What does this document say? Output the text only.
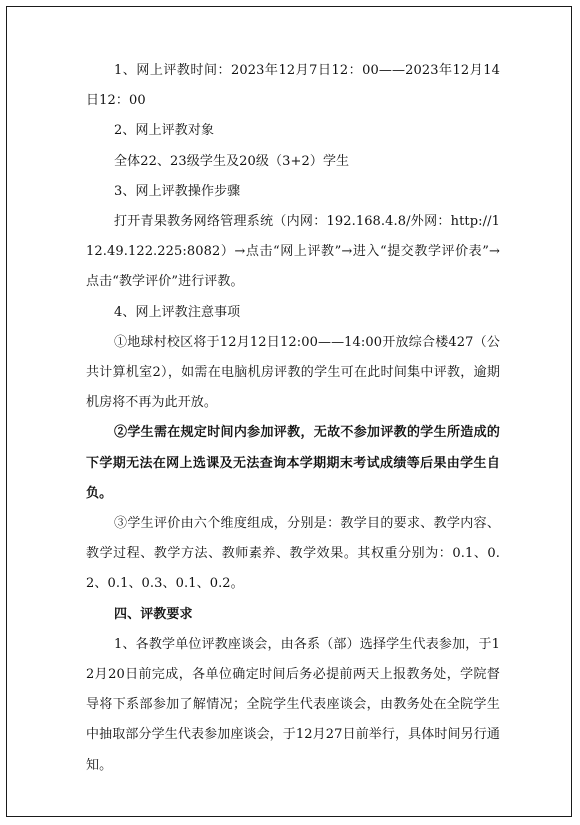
1、网上评教时间：2023年12月7日12：00——2023年12月14日12：00

2、网上评教对象

全体22、23级学生及20级（3+2）学生

3、网上评教操作步骤

打开青果教务网络管理系统（内网：192.168.4.8/外网：http://112.49.122.225:8082）→点击“网上评教”→进入“提交教学评价表”→点击“教学评价”进行评教。

4、网上评教注意事项

①地球村校区将于12月12日12:00——14:00开放综合楼427（公共计算机室2），如需在电脑机房评教的学生可在此时间集中评教，逾期机房将不再为此开放。

②学生需在规定时间内参加评教，无故不参加评教的学生所造成的下学期无法在网上选课及无法查询本学期期末考试成绩等后果由学生自负。

③学生评价由六个维度组成，分别是：教学目的要求、教学内容、教学过程、教学方法、教师素养、教学效果。其权重分别为：0.1、0.2、0.1、0.3、0.1、0.2。

四、评教要求

1、各教学单位评教座谈会，由各系（部）选择学生代表参加，于12月20日前完成，各单位确定时间后务必提前两天上报教务处，学院督导将下系部参加了解情况；全院学生代表座谈会，由教务处在全院学生中抽取部分学生代表参加座谈会，于12月27日前举行，具体时间另行通知。
